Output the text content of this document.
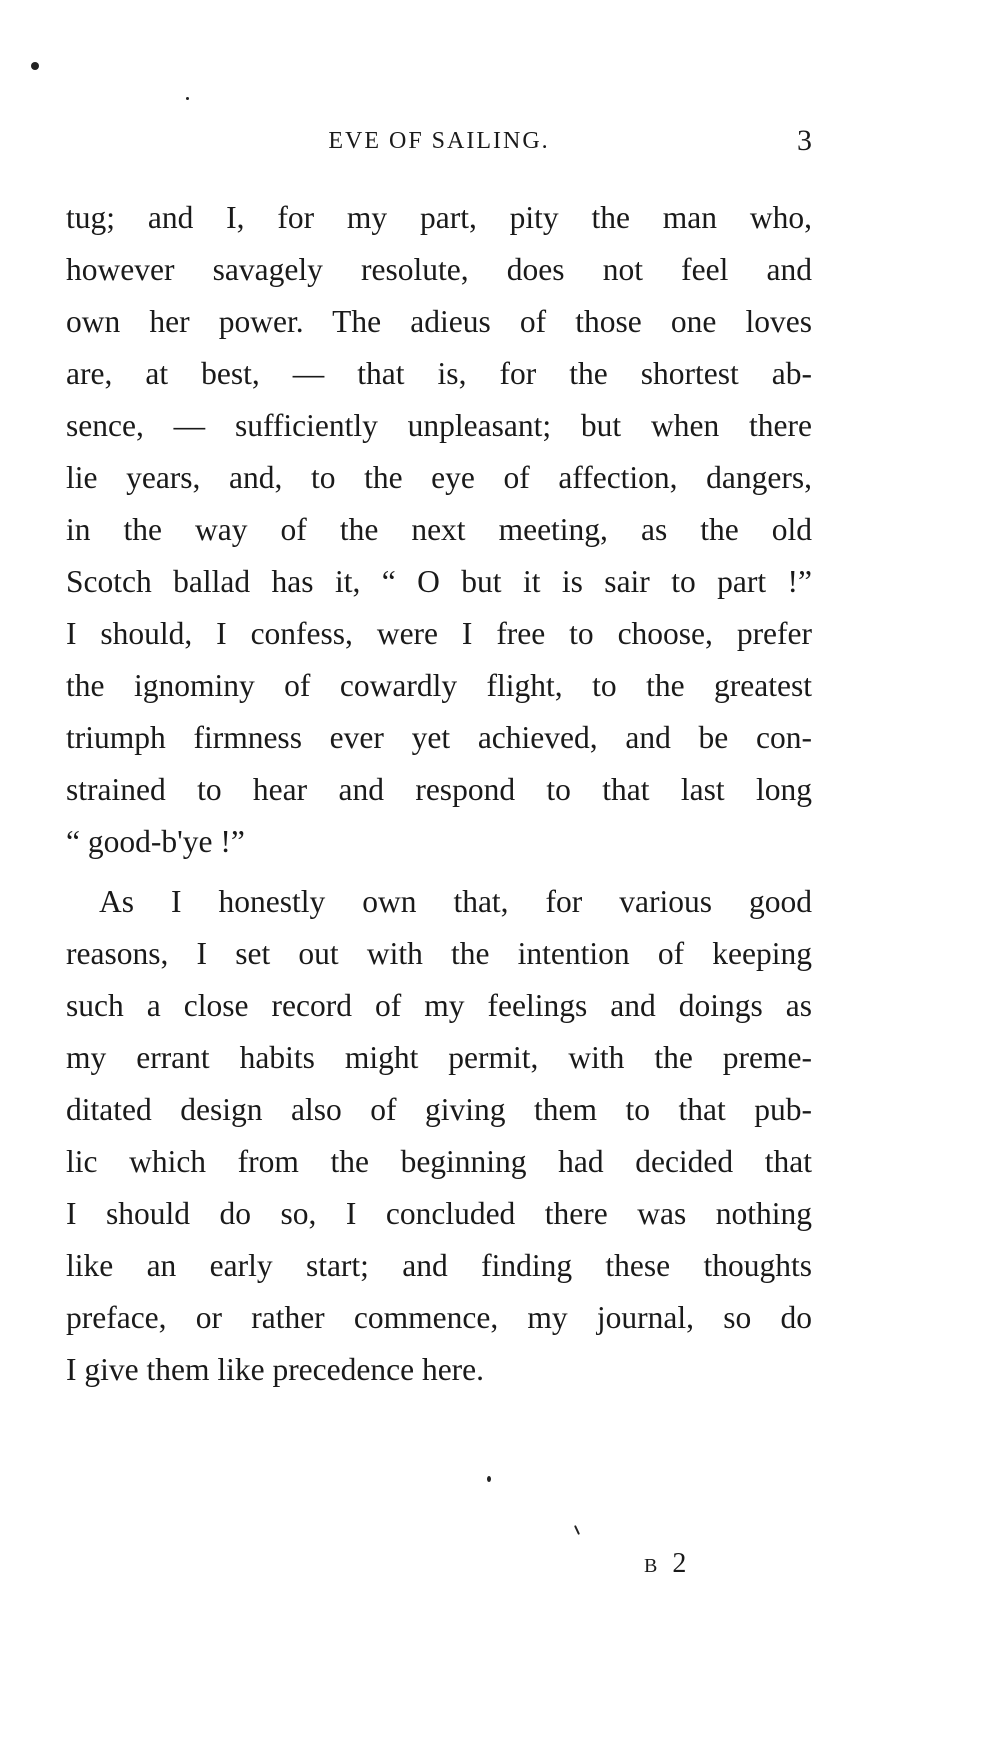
EVE OF SAILING.	3
tug; and I, for my part, pity the man who,
however savagely resolute, does not feel and
own her power. The adieus of those one loves
are, at best, — that is, for the shortest ab-
sence, — sufficiently unpleasant; but when there
lie years, and, to the eye of affection, dangers,
in the way of the next meeting, as the old
Scotch ballad has it, “ O but it is sair to part !”
I should, I confess, were I free to choose, prefer
the ignominy of cowardly flight, to the greatest
triumph firmness ever yet achieved, and be con-
strained to hear and respond to that last long
“ good-b'ye !”
As I honestly own that, for various good
reasons, I set out with the intention of keeping
such a close record of my feelings and doings as
my errant habits might permit, with the preme-
ditated design also of giving them to that pub-
lic which from the beginning had decided that
I should do so, I concluded there was nothing
like an early start; and finding these thoughts
preface, or rather commence, my journal, so do
I give them like precedence here.
B 2
